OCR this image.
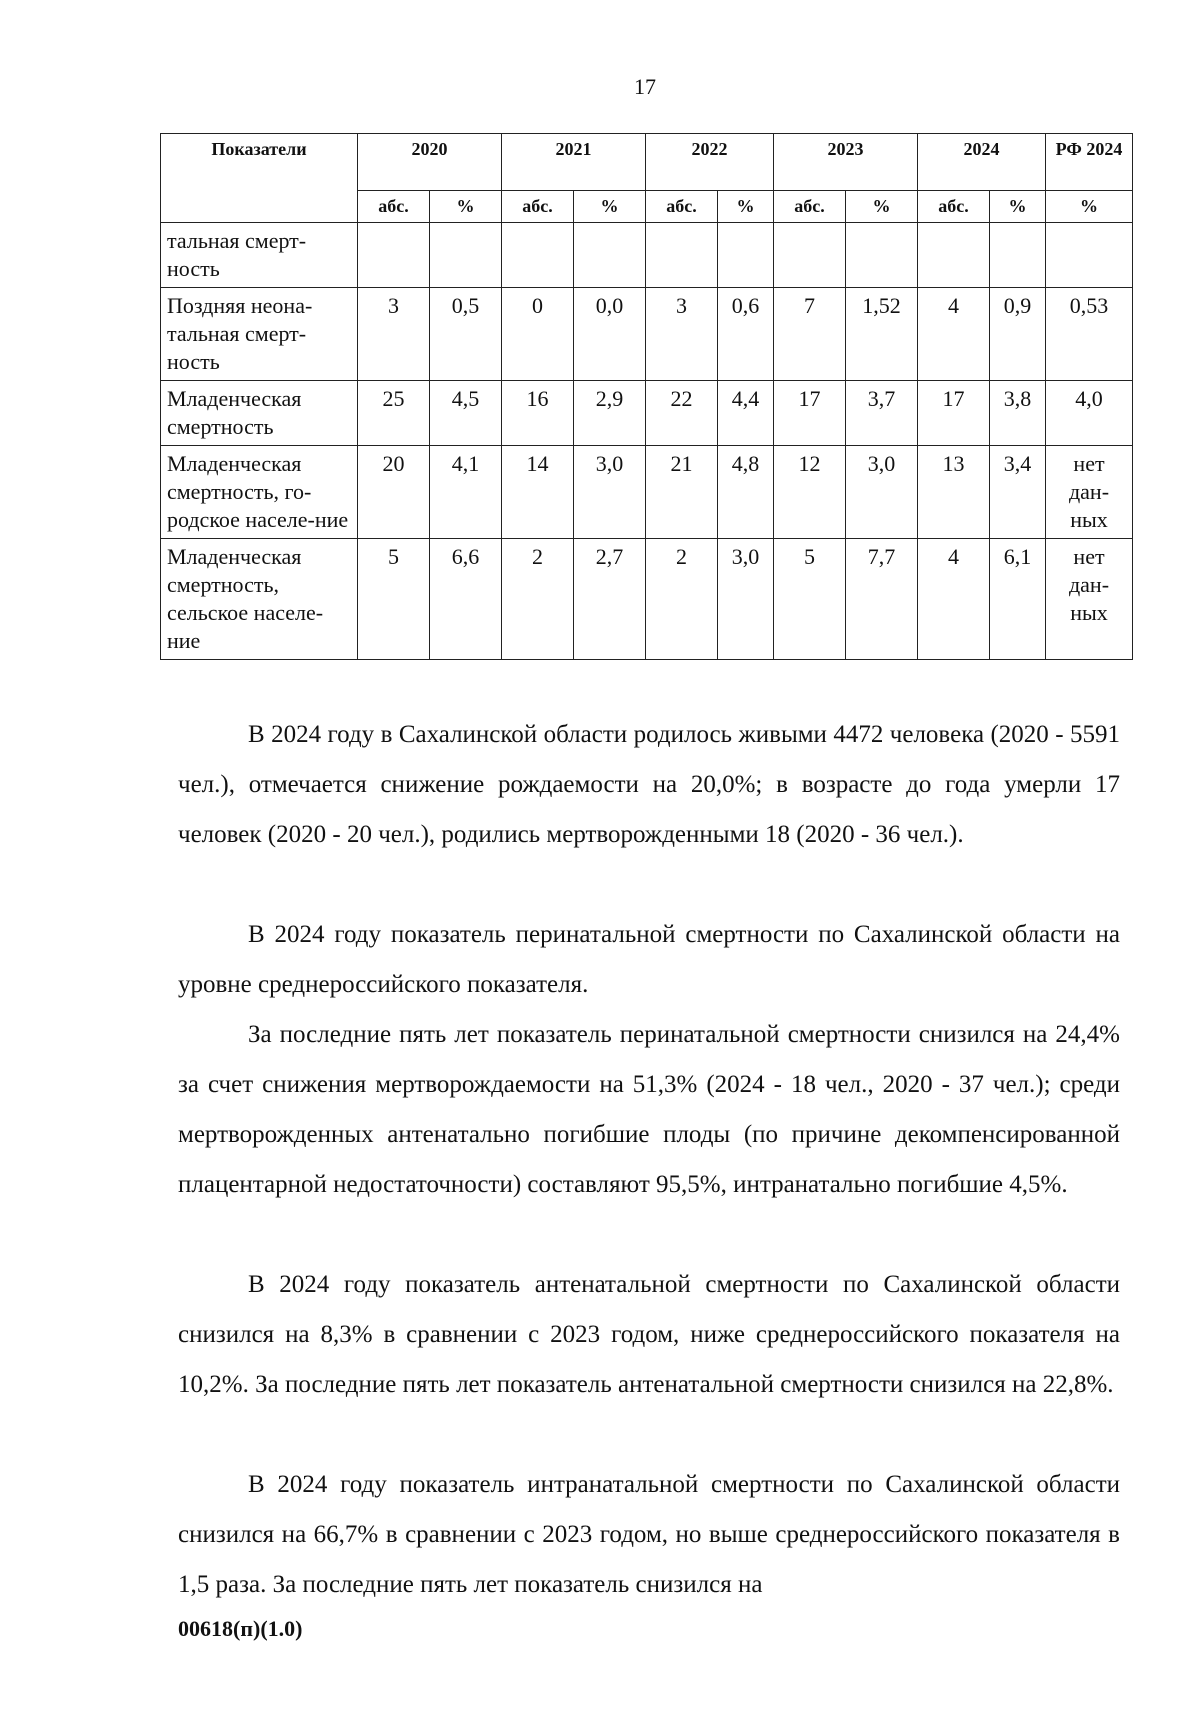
17
Показатели	2020		2021		2022		2023		2024		РФ 2024
	абс.	%	абс.	%	абс.	%	абс.	%	абс.	%	%
тальная смерт-ность											
Поздняя неона-тальная смерт-ность	3	0,5	0	0,0	3	0,6	7	1,52	4	0,9	0,53
Младенческая смертность	25	4,5	16	2,9	22	4,4	17	3,7	17	3,8	4,0
Младенческая смертность, го-родское населе-ние	20	4,1	14	3,0	21	4,8	12	3,0	13	3,4	нет дан-ных
Младенческая смертность, сельское населе-ние	5	6,6	2	2,7	2	3,0	5	7,7	4	6,1	нет дан-ных

В 2024 году в Сахалинской области родилось живыми 4472 человека (2020 - 5591 чел.), отмечается снижение рождаемости на 20,0%; в возрасте до года умерли 17 человек (2020 - 20 чел.), родились мертворожденными 18 (2020 - 36 чел.).

В 2024 году показатель перинатальной смертности по Сахалинской области на уровне среднероссийского показателя.

За последние пять лет показатель перинатальной смертности снизился на 24,4% за счет снижения мертворождаемости на 51,3% (2024 - 18 чел., 2020 - 37 чел.); среди мертворожденных антенатально погибшие плоды (по причине декомпенсированной плацентарной недостаточности) составляют 95,5%, интранатально погибшие 4,5%.

В 2024 году показатель антенатальной смертности по Сахалинской области снизился на 8,3% в сравнении с 2023 годом, ниже среднероссийского показателя на 10,2%. За последние пять лет показатель антенатальной смертности снизился на 22,8%.

В 2024 году показатель интранатальной смертности по Сахалинской области снизился на 66,7% в сравнении с 2023 годом, но выше среднероссийского показателя в 1,5 раза. За последние пять лет показатель снизился на

00618(п)(1.0)
